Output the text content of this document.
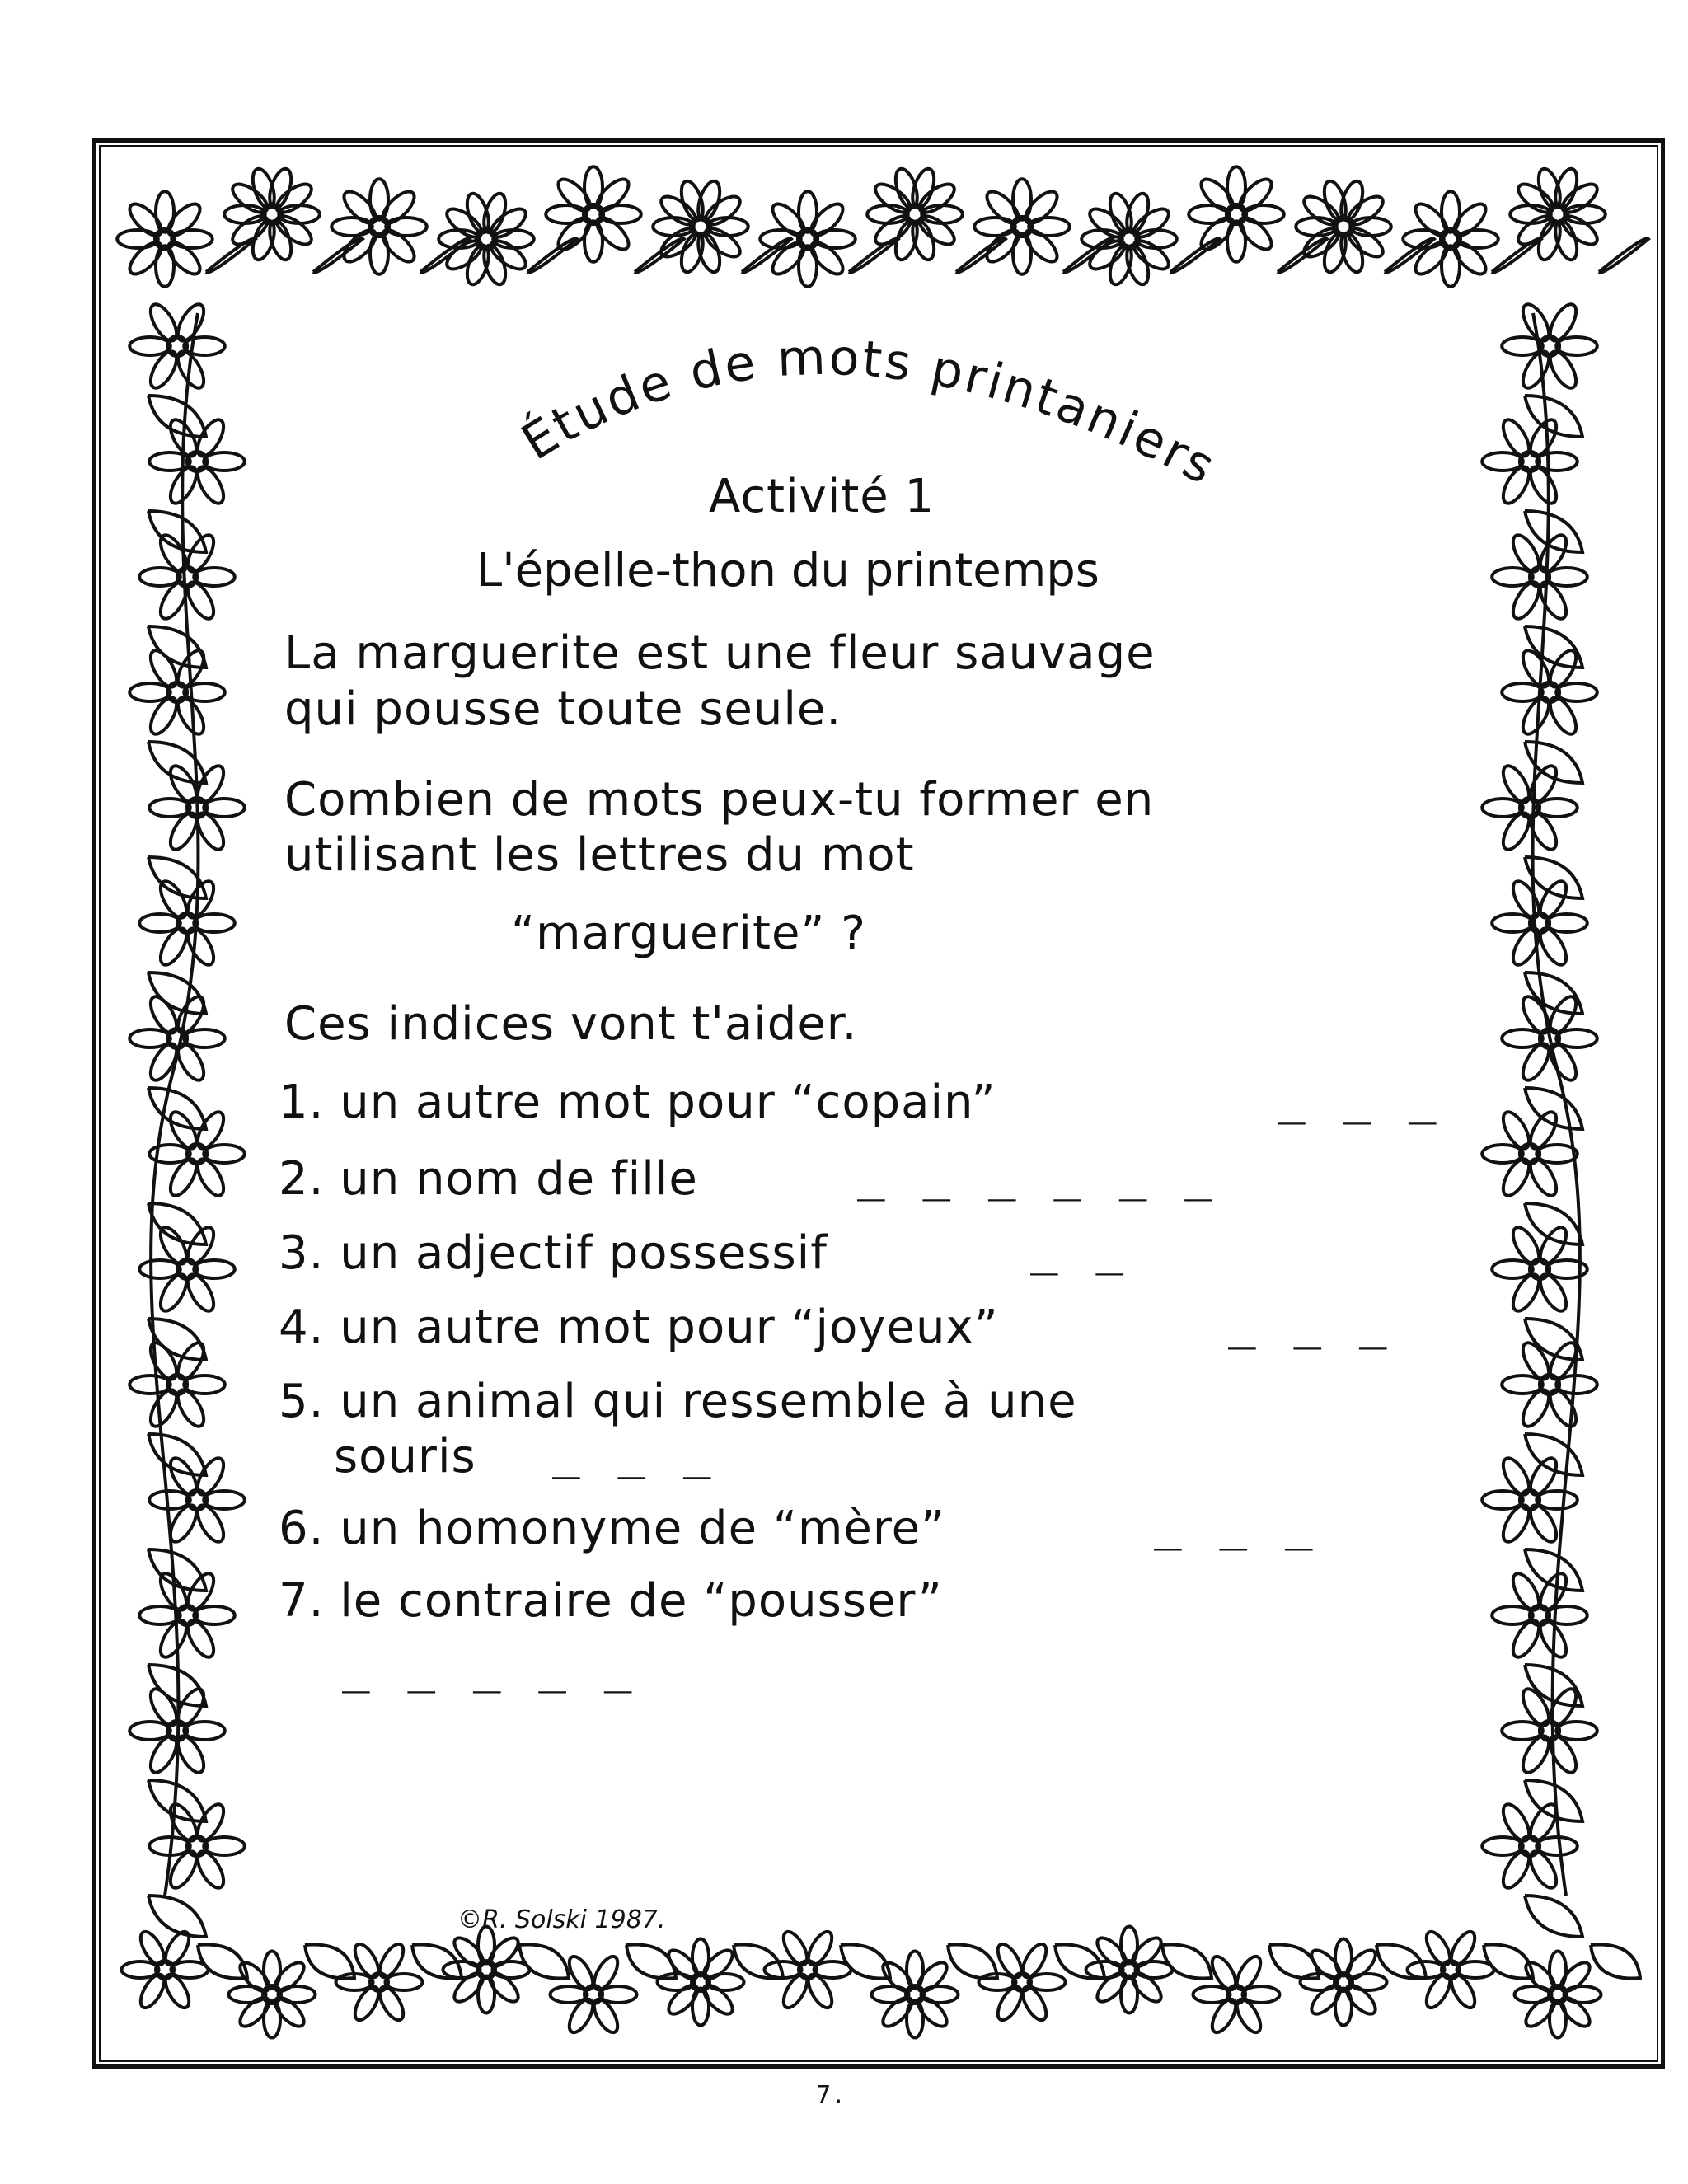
Étude de mots printaniers
Activité 1
L'épelle-thon du printemps
La marguerite est une fleur sauvage
qui pousse toute seule.
Combien de mots peux-tu former en
utilisant les lettres du mot
“marguerite” ?
Ces indices vont t'aider.
1. un autre mot pour “copain”	_ _ _
2. un nom de fille	_ _ _ _ _ _
3. un adjectif possessif	_ _
4. un autre mot pour “joyeux”	_ _ _
5. un animal qui ressemble à une
souris _ _ _
6. un homonyme de “mère”	_ _ _
7. le contraire de “pousser”
_ _ _ _ _
©R. Solski 1987.
7.
